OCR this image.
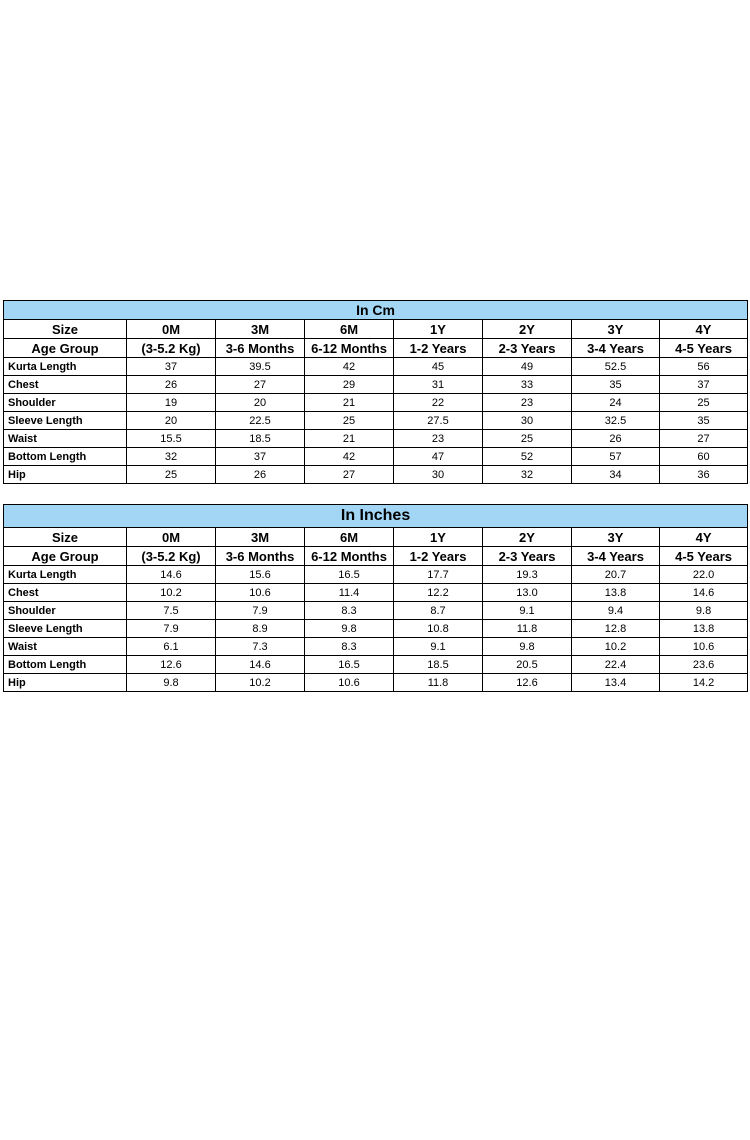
In Cm							
Size	0M	3M	6M	1Y	2Y	3Y	4Y
Age Group	(3-5.2 Kg)	3-6 Months	6-12 Months	1-2 Years	2-3 Years	3-4 Years	4-5 Years
Kurta Length	37	39.5	42	45	49	52.5	56
Chest	26	27	29	31	33	35	37
Shoulder	19	20	21	22	23	24	25
Sleeve Length	20	22.5	25	27.5	30	32.5	35
Waist	15.5	18.5	21	23	25	26	27
Bottom Length	32	37	42	47	52	57	60
Hip	25	26	27	30	32	34	36
In Inches							
Size	0M	3M	6M	1Y	2Y	3Y	4Y
Age Group	(3-5.2 Kg)	3-6 Months	6-12 Months	1-2 Years	2-3 Years	3-4 Years	4-5 Years
Kurta Length	14.6	15.6	16.5	17.7	19.3	20.7	22.0
Chest	10.2	10.6	11.4	12.2	13.0	13.8	14.6
Shoulder	7.5	7.9	8.3	8.7	9.1	9.4	9.8
Sleeve Length	7.9	8.9	9.8	10.8	11.8	12.8	13.8
Waist	6.1	7.3	8.3	9.1	9.8	10.2	10.6
Bottom Length	12.6	14.6	16.5	18.5	20.5	22.4	23.6
Hip	9.8	10.2	10.6	11.8	12.6	13.4	14.2
